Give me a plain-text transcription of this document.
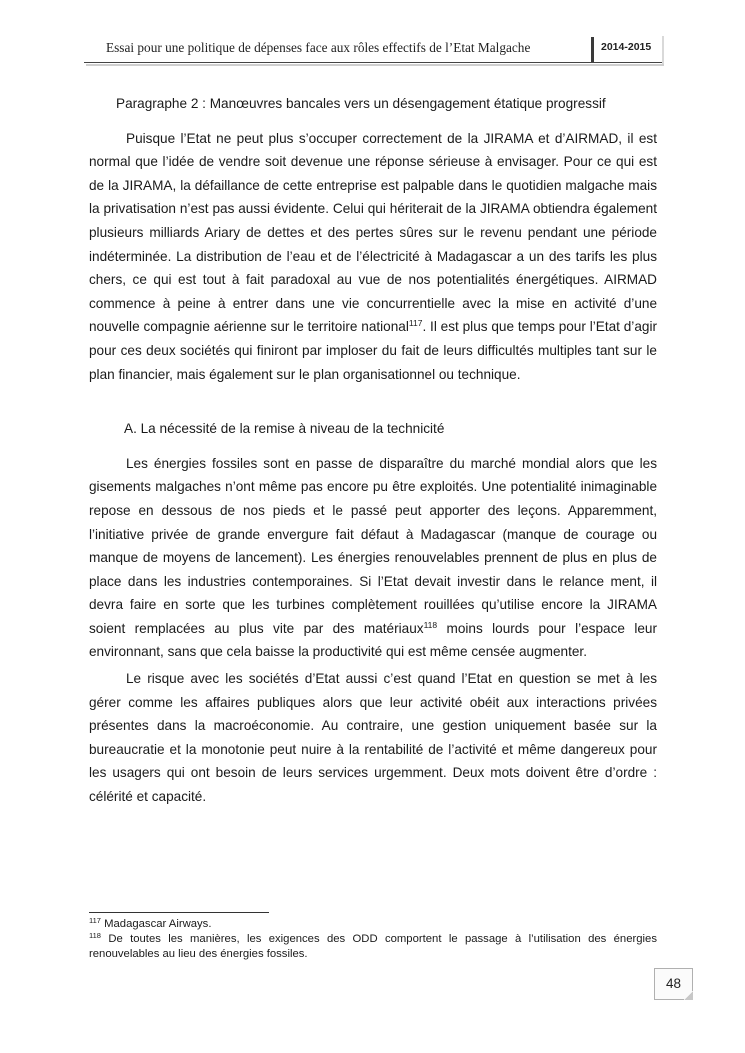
Essai pour une politique de dépenses face aux rôles effectifs de l’Etat Malgache	2014-2015

Paragraphe 2 : Manœuvres bancales vers un désengagement étatique progressif

Puisque l’Etat ne peut plus s’occuper correctement de la JIRAMA et d’AIRMAD, il est normal que l’idée de vendre soit devenue une réponse sérieuse à envisager. Pour ce qui est de la JIRAMA, la défaillance de cette entreprise est palpable dans le quotidien malgache mais la privatisation n’est pas aussi évidente. Celui qui hériterait de la JIRAMA obtiendra également plusieurs milliards Ariary de dettes et des pertes sûres sur le revenu pendant une période indéterminée. La distribution de l’eau et de l’électricité à Madagascar a un des tarifs les plus chers, ce qui est tout à fait paradoxal au vue de nos potentialités énergétiques. AIRMAD commence à peine à entrer dans une vie concurrentielle avec la mise en activité d’une nouvelle compagnie aérienne sur le territoire national$^{117}$. Il est plus que temps pour l’Etat d’agir pour ces deux sociétés qui finiront par imploser du fait de leurs difficultés multiples tant sur le plan financier, mais également sur le plan organisationnel ou technique.

A. La nécessité de la remise à niveau de la technicité

Les énergies fossiles sont en passe de disparaître du marché mondial alors que les gisements malgaches n’ont même pas encore pu être exploités. Une potentialité inimaginable repose en dessous de nos pieds et le passé peut apporter des leçons. Apparemment, l’initiative privée de grande envergure fait défaut à Madagascar (manque de courage ou manque de moyens de lancement). Les énergies renouvelables prennent de plus en plus de place dans les industries contemporaines. Si l’Etat devait investir dans le relance ment, il devra faire en sorte que les turbines complètement rouillées qu’utilise encore la JIRAMA soient remplacées au plus vite par des matériaux$^{118}$ moins lourds pour l’espace leur environnant, sans que cela baisse la productivité qui est même censée augmenter.

Le risque avec les sociétés d’Etat aussi c’est quand l’Etat en question se met à les gérer comme les affaires publiques alors que leur activité obéit aux interactions privées présentes dans la macroéconomie. Au contraire, une gestion uniquement basée sur la bureaucratie et la monotonie peut nuire à la rentabilité de l’activité et même dangereux pour les usagers qui ont besoin de leurs services urgemment. Deux mots doivent être d’ordre : célérité et capacité.

$^{117}$ Madagascar Airways.

$^{118}$ De toutes les manières, les exigences des ODD comportent le passage à l’utilisation des énergies renouvelables au lieu des énergies fossiles.

48
